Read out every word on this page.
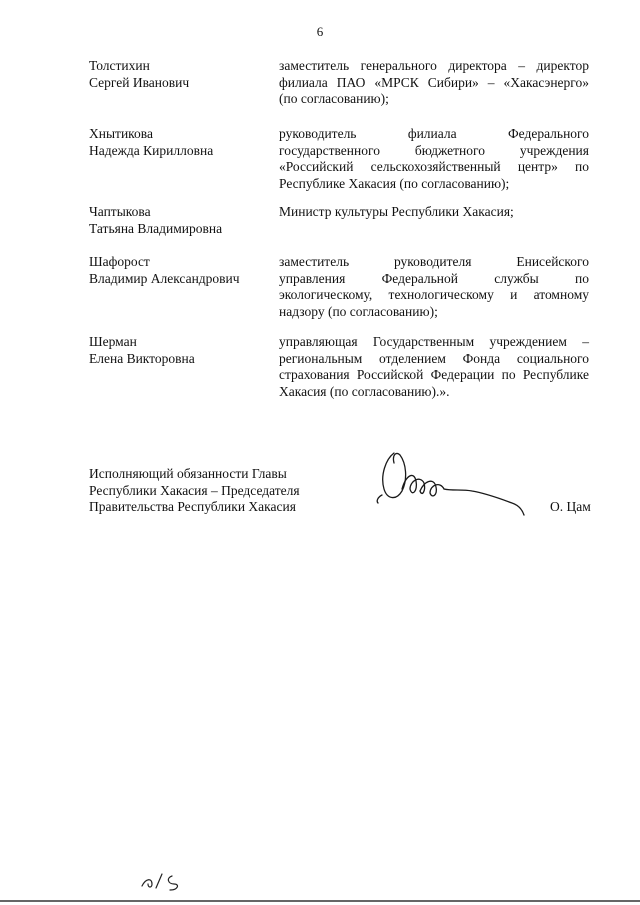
6
Толстихин
Сергей Иванович
заместитель генерального директора – директор
филиала ПАО «МРСК Сибири» – «Хакасэнерго»
(по согласованию);
Хнытикова
Надежда Кирилловна
руководитель филиала Федерального
государственного бюджетного учреждения
«Российский сельскохозяйственный центр» по
Республике Хакасия (по согласованию);
Чаптыкова
Татьяна Владимировна
Министр культуры Республики Хакасия;
Шафорост
Владимир Александрович
заместитель руководителя Енисейского
управления Федеральной службы по
экологическому, технологическому и атомному
надзору (по согласованию);
Шерман
Елена Викторовна
управляющая Государственным учреждением –
региональным отделением Фонда социального
страхования Российской Федерации по Республике
Хакасия (по согласованию).».
Исполняющий обязанности Главы
Республики Хакасия – Председателя
Правительства Республики Хакасия	О. Цам
